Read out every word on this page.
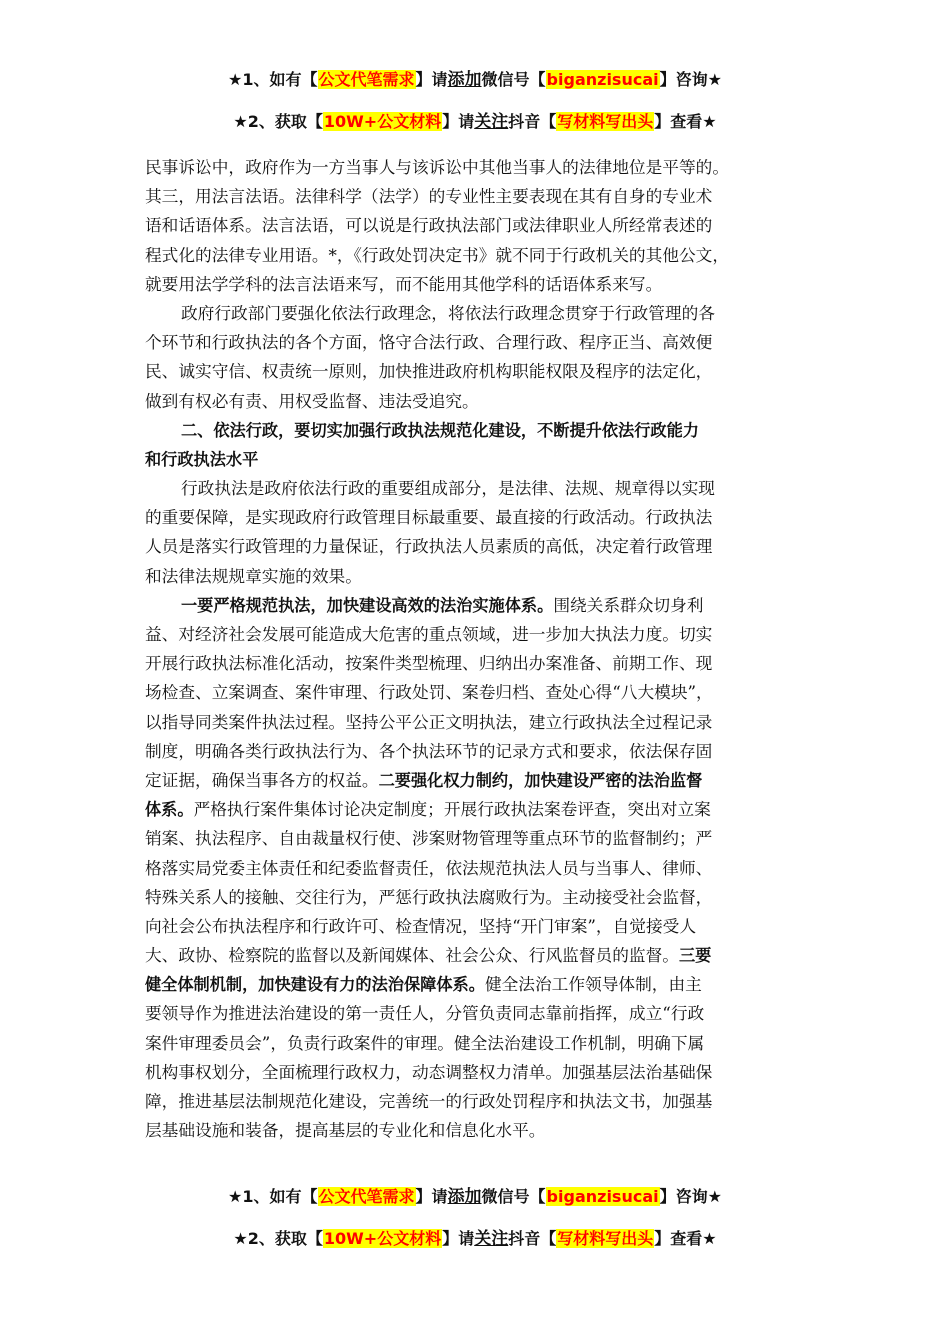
★1、如有【公文代笔需求】请添加微信号【biganzisucai】咨询★
★2、获取【10W+公文材料】请关注抖音【写材料写出头】查看★
民事诉讼中，政府作为一方当事人与该诉讼中其他当事人的法律地位是平等的。
其三，用法言法语。法律科学（法学）的专业性主要表现在其有自身的专业术
语和话语体系。法言法语，可以说是行政执法部门或法律职业人所经常表述的
程式化的法律专业用语。*，《行政处罚决定书》就不同于行政机关的其他公文，
就要用法学学科的法言法语来写，而不能用其他学科的话语体系来写。
政府行政部门要强化依法行政理念，将依法行政理念贯穿于行政管理的各
个环节和行政执法的各个方面，恪守合法行政、合理行政、程序正当、高效便
民、诚实守信、权责统一原则，加快推进政府机构职能权限及程序的法定化，
做到有权必有责、用权受监督、违法受追究。
二、依法行政，要切实加强行政执法规范化建设，不断提升依法行政能力
和行政执法水平
行政执法是政府依法行政的重要组成部分，是法律、法规、规章得以实现
的重要保障，是实现政府行政管理目标最重要、最直接的行政活动。行政执法
人员是落实行政管理的力量保证，行政执法人员素质的高低，决定着行政管理
和法律法规规章实施的效果。
一要严格规范执法，加快建设高效的法治实施体系。围绕关系群众切身利
益、对经济社会发展可能造成大危害的重点领域，进一步加大执法力度。切实
开展行政执法标准化活动，按案件类型梳理、归纳出办案准备、前期工作、现
场检查、立案调查、案件审理、行政处罚、案卷归档、查处心得“八大模块”，
以指导同类案件执法过程。坚持公平公正文明执法，建立行政执法全过程记录
制度，明确各类行政执法行为、各个执法环节的记录方式和要求，依法保存固
定证据，确保当事各方的权益。二要强化权力制约，加快建设严密的法治监督
体系。严格执行案件集体讨论决定制度；开展行政执法案卷评查，突出对立案
销案、执法程序、自由裁量权行使、涉案财物管理等重点环节的监督制约；严
格落实局党委主体责任和纪委监督责任，依法规范执法人员与当事人、律师、
特殊关系人的接触、交往行为，严惩行政执法腐败行为。主动接受社会监督，
向社会公布执法程序和行政许可、检查情况，坚持“开门审案”，自觉接受人
大、政协、检察院的监督以及新闻媒体、社会公众、行风监督员的监督。三要
健全体制机制，加快建设有力的法治保障体系。健全法治工作领导体制，由主
要领导作为推进法治建设的第一责任人，分管负责同志靠前指挥，成立“行政
案件审理委员会”，负责行政案件的审理。健全法治建设工作机制，明确下属
机构事权划分，全面梳理行政权力，动态调整权力清单。加强基层法治基础保
障，推进基层法制规范化建设，完善统一的行政处罚程序和执法文书，加强基
层基础设施和装备，提高基层的专业化和信息化水平。
★1、如有【公文代笔需求】请添加微信号【biganzisucai】咨询★
★2、获取【10W+公文材料】请关注抖音【写材料写出头】查看★
